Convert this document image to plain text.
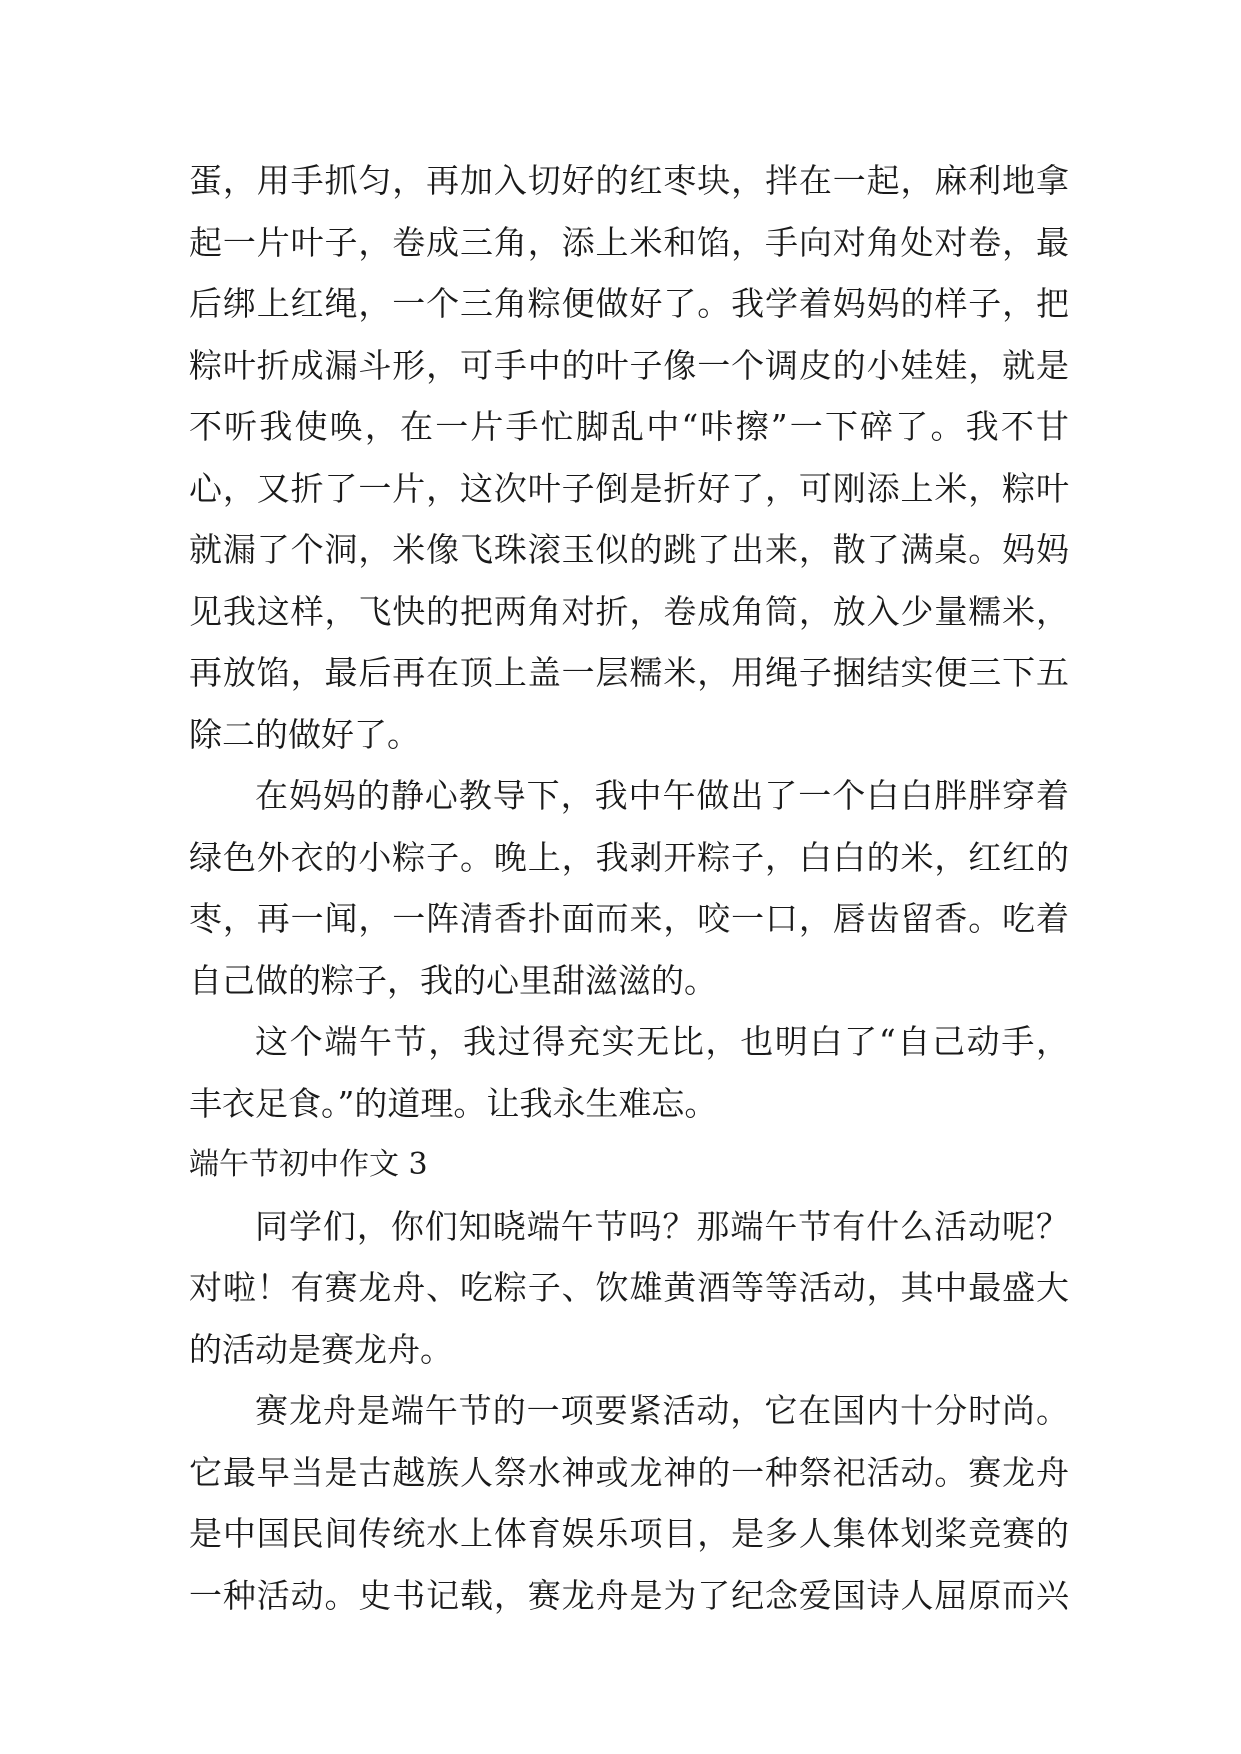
蛋，用手抓匀，再加入切好的红枣块，拌在一起，麻利地拿
起一片叶子，卷成三角，添上米和馅，手向对角处对卷，最
后绑上红绳，一个三角粽便做好了。我学着妈妈的样子，把
粽叶折成漏斗形，可手中的叶子像一个调皮的小娃娃，就是
不听我使唤，在一片手忙脚乱中“咔擦”一下碎了。我不甘
心，又折了一片，这次叶子倒是折好了，可刚添上米，粽叶
就漏了个洞，米像飞珠滚玉似的跳了出来，散了满桌。妈妈
见我这样，飞快的把两角对折，卷成角筒，放入少量糯米，
再放馅，最后再在顶上盖一层糯米，用绳子捆结实便三下五
除二的做好了。
在妈妈的静心教导下，我中午做出了一个白白胖胖穿着
绿色外衣的小粽子。晚上，我剥开粽子，白白的米，红红的
枣，再一闻，一阵清香扑面而来，咬一口，唇齿留香。吃着
自己做的粽子，我的心里甜滋滋的。
这个端午节，我过得充实无比，也明白了“自己动手，
丰衣足食。”的道理。让我永生难忘。
端午节初中作文 3
同学们，你们知晓端午节吗？那端午节有什么活动呢？
对啦！有赛龙舟、吃粽子、饮雄黄酒等等活动，其中最盛大
的活动是赛龙舟。
赛龙舟是端午节的一项要紧活动，它在国内十分时尚。
它最早当是古越族人祭水神或龙神的一种祭祀活动。赛龙舟
是中国民间传统水上体育娱乐项目，是多人集体划桨竞赛的
一种活动。史书记载，赛龙舟是为了纪念爱国诗人屈原而兴
